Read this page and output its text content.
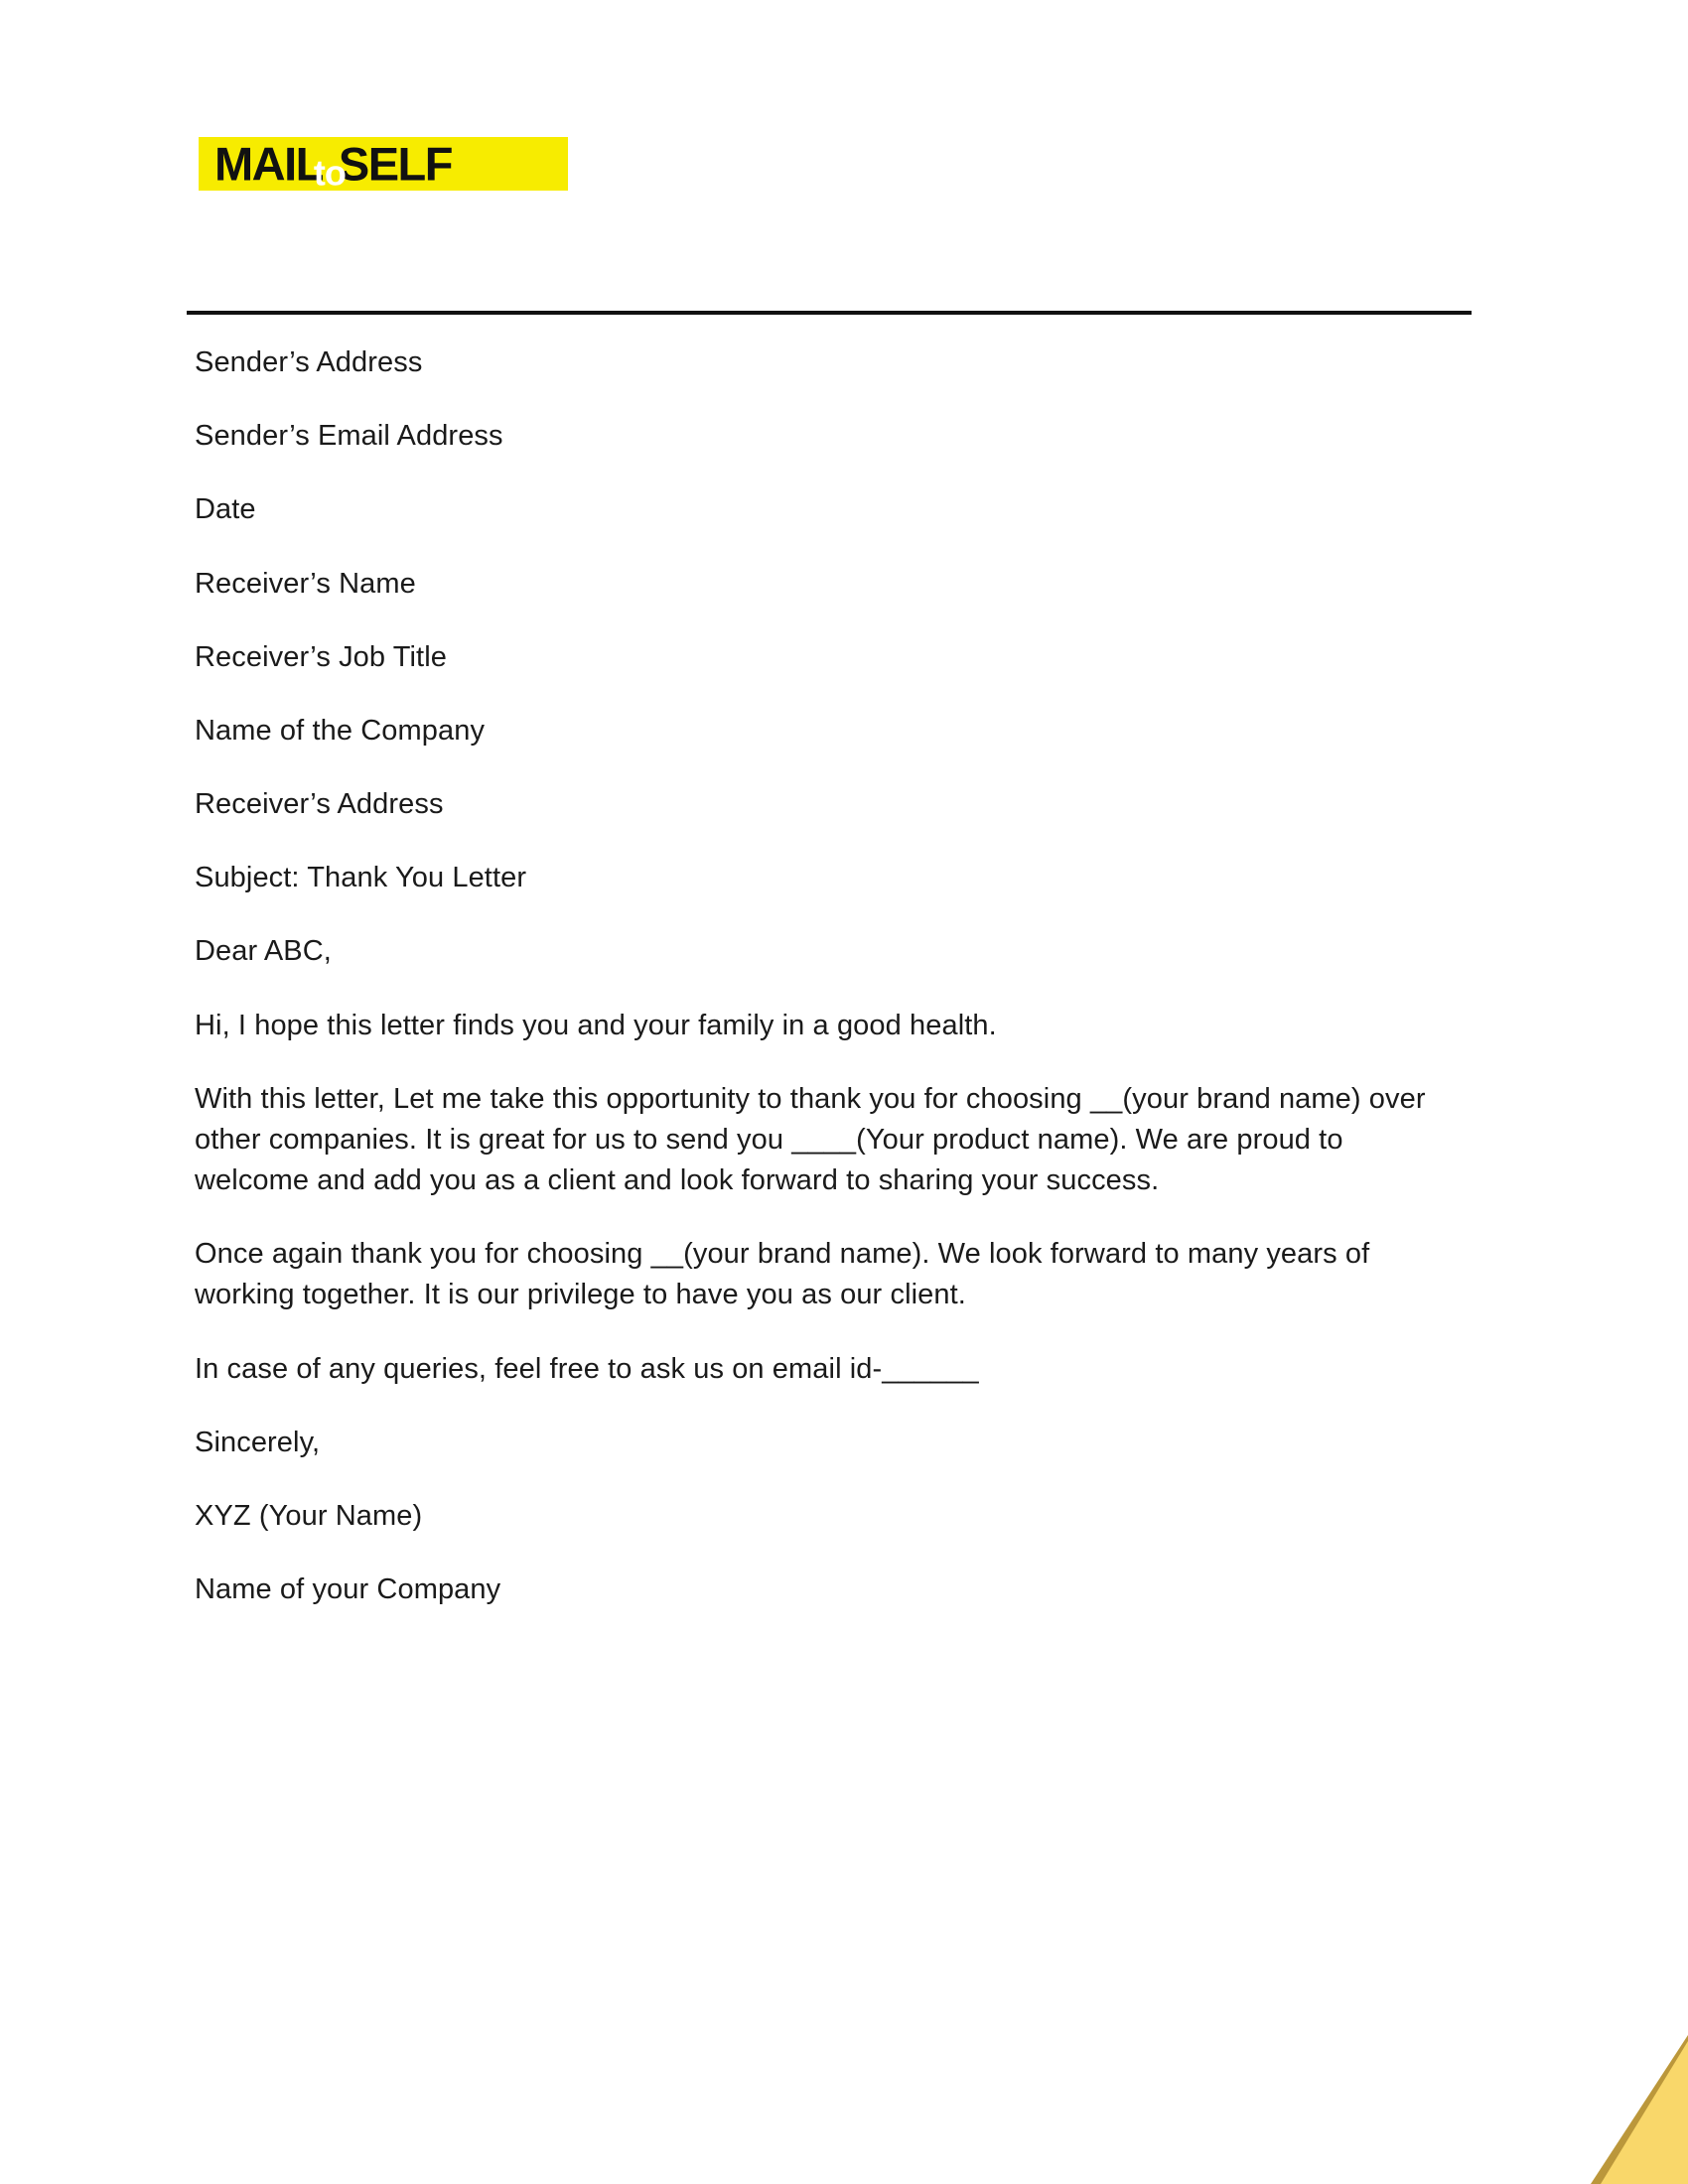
MAILtoSELF

Sender’s Address

Sender’s Email Address

Date

Receiver’s Name

Receiver’s Job Title

Name of the Company

Receiver’s Address

Subject: Thank You Letter

Dear ABC,

Hi, I hope this letter finds you and your family in a good health.

With this letter, Let me take this opportunity to thank you for choosing __(your brand name) over other companies. It is great for us to send you ____(Your product name). We are proud to welcome and add you as a client and look forward to sharing your success.

Once again thank you for choosing __(your brand name). We look forward to many years of working together. It is our privilege to have you as our client.

In case of any queries, feel free to ask us on email id-______

Sincerely,

XYZ (Your Name)

Name of your Company
